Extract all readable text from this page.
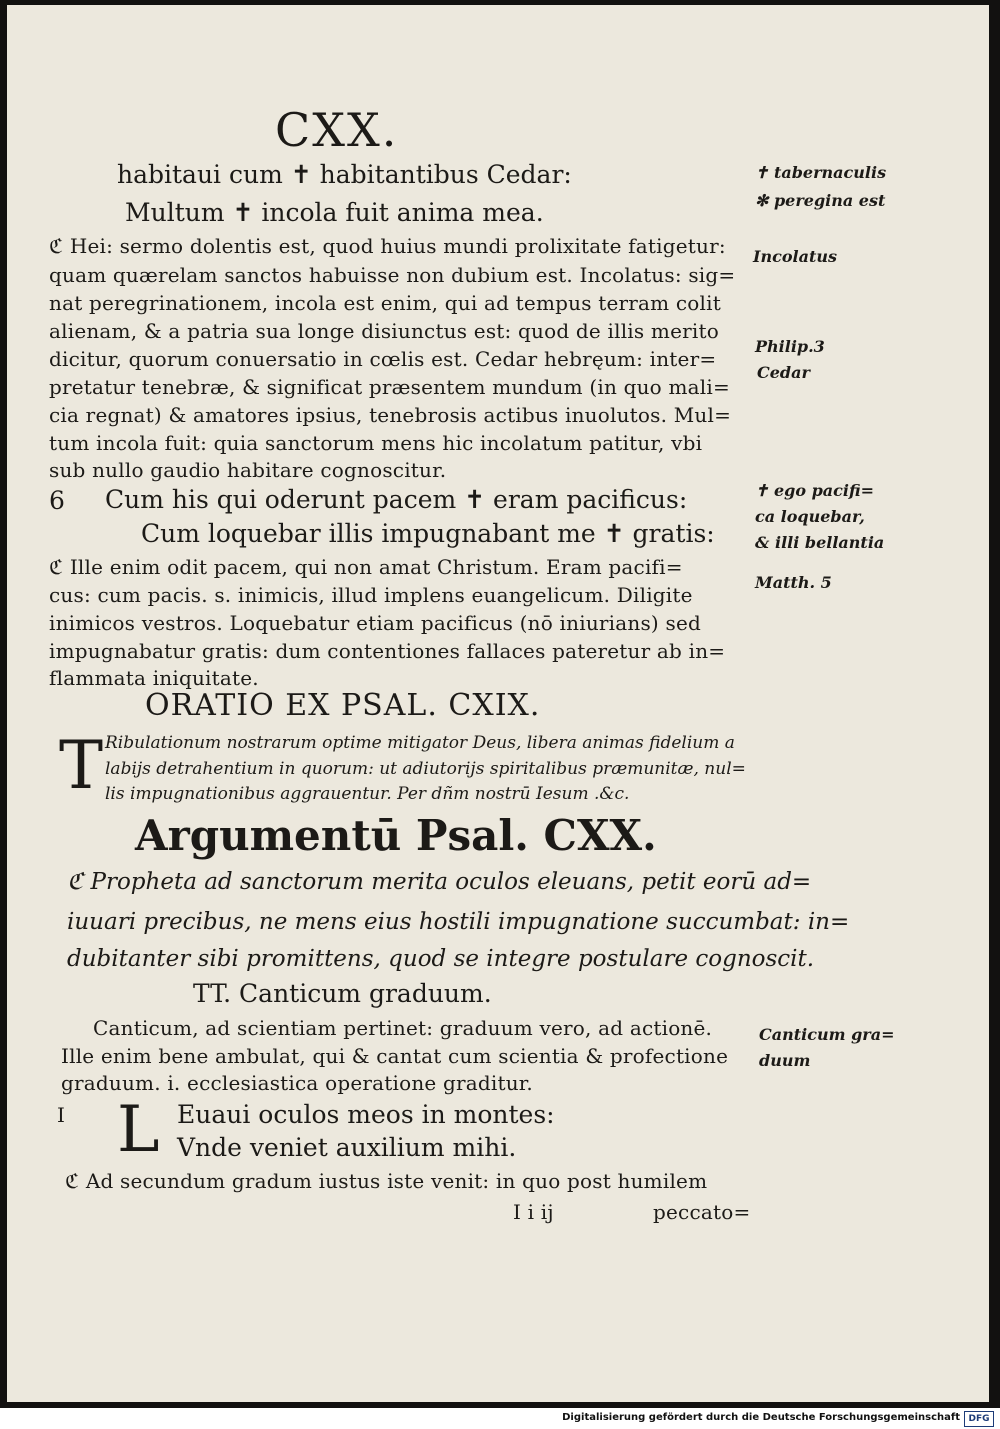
CXX.
habitaui cum ✝ habitantibus Cedar:
Multum ✝ incola fuit anima mea.
ℭ Hei: sermo dolentis est, quod huius mundi prolixitate fatigetur:
quam quærelam sanctos habuisse non dubium est. Incolatus: sig=
nat peregrinationem, incola est enim, qui ad tempus terram colit
alienam, & a patria sua longe disiunctus est: quod de illis merito
dicitur, quorum conuersatio in cœlis est. Cedar hebręum: inter=
pretatur tenebræ, & significat præsentem mundum (in quo mali=
cia regnat) & amatores ipsius, tenebrosis actibus inuolutos. Mul=
tum incola fuit: quia sanctorum mens hic incolatum patitur, vbi
sub nullo gaudio habitare cognoscitur.
6 Cum his qui oderunt pacem ✝ eram pacificus:
Cum loquebar illis impugnabant me ✝ gratis:
ℭ Ille enim odit pacem, qui non amat Christum. Eram pacifi=
cus: cum pacis. s. inimicis, illud implens euangelicum. Diligite
inimicos vestros. Loquebatur etiam pacificus (nō iniurians) sed
impugnabatur gratis: dum contentiones fallaces pateretur ab in=
flammata iniquitate.
ORATIO EX PSAL. CXIX.
T Ribulationum nostrarum optime mitigator Deus, libera animas fidelium a
labijs detrahentium in quorum: ut adiutorijs spiritalibus præmunitæ, nul=
lis impugnationibus aggrauentur. Per dñm nostrū Iesum .&c.
Argumentū Psal. CXX.
ℭ Propheta ad sanctorum merita oculos eleuans, petit eorū ad=
iuuari precibus, ne mens eius hostili impugnatione succumbat: in=
dubitanter sibi promittens, quod se integre postulare cognoscit.
TT. Canticum graduum.
Canticum, ad scientiam pertinet: graduum vero, ad actionē.
Ille enim bene ambulat, qui & cantat cum scientia & profectione
graduum. i. ecclesiastica operatione graditur.
I L Euaui oculos meos in montes:
Vnde veniet auxilium mihi.
ℭ Ad secundum gradum iustus iste venit: in quo post humilem
I i ij	peccato=
✝ tabernaculis
✻ peregina est
Incolatus
Philip.3
Cedar
✝ ego pacifi=
ca loquebar,
& illi bellantia
Matth. 5
Canticum gra=
duum
Digitalisierung gefördert durch die Deutsche Forschungsgemeinschaft DFG
